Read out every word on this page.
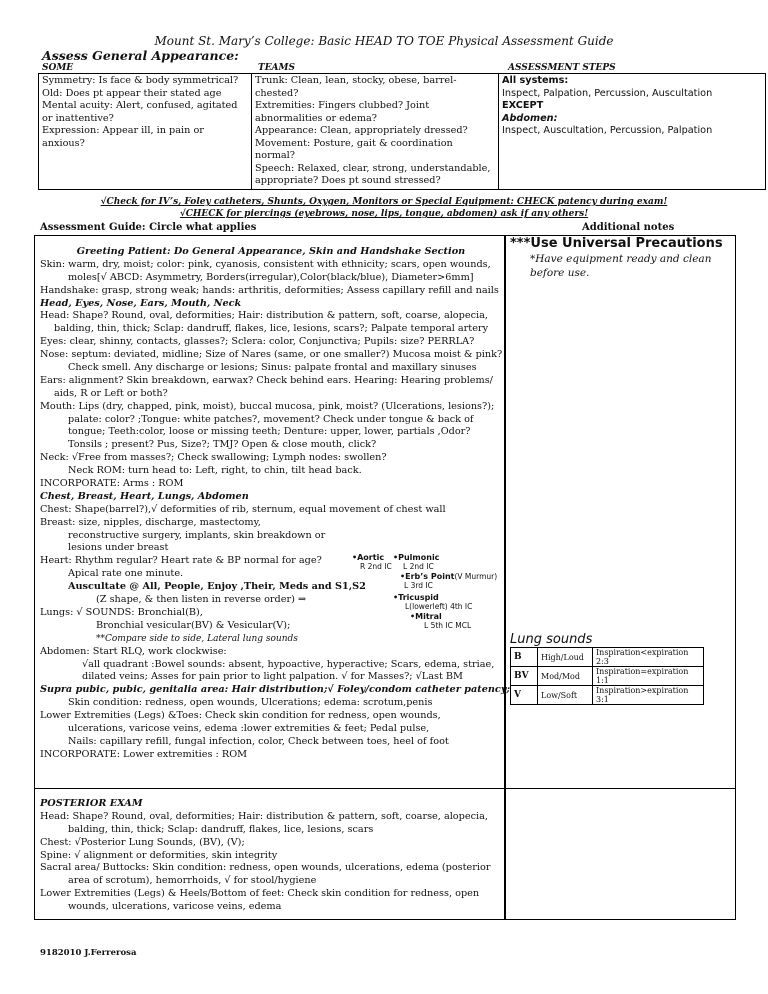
Mount St. Mary’s College: Basic HEAD TO TOE Physical Assessment Guide
Assess General Appearance:
SOME	TEAMS	ASSESSMENT STEPS
Symmetry: Is face & body symmetrical?
Old: Does pt appear their stated age
Mental acuity: Alert, confused, agitated
or inattentive?
Expression: Appear ill, in pain or
anxious?

Trunk: Clean, lean, stocky, obese, barrel-
chested?
Extremities: Fingers clubbed? Joint
abnormalities or edema?
Appearance: Clean, appropriately dressed?
Movement: Posture, gait & coordination
normal?
Speech: Relaxed, clear, strong, understandable,
appropriate? Does pt sound stressed?

All systems:
Inspect, Palpation, Percussion, Auscultation
EXCEPT
Abdomen:
Inspect, Auscultation, Percussion, Palpation
√Check for IV’s, Foley catheters, Shunts, Oxygen, Monitors or Special Equipment: CHECK patency during exam!
√CHECK for piercings (eyebrows, nose, lips, tongue, abdomen) ask if any others!
Assessment Guide: Circle what applies	Additional notes
Greeting Patient: Do General Appearance, Skin and Handshake Section
Skin: warm, dry, moist; color: pink, cyanosis, consistent with ethnicity; scars, open wounds,
moles[√ ABCD: Asymmetry, Borders(irregular),Color(black/blue), Diameter>6mm]
Handshake: grasp, strong weak; hands: arthritis, deformities; Assess capillary refill and nails
Head, Eyes, Nose, Ears, Mouth, Neck
Head: Shape? Round, oval, deformities; Hair: distribution & pattern, soft, coarse, alopecia,
balding, thin, thick; Sclap: dandruff, flakes, lice, lesions, scars?; Palpate temporal artery
Eyes: clear, shinny, contacts, glasses?; Sclera: color, Conjunctiva; Pupils: size? PERRLA?
Nose: septum: deviated, midline; Size of Nares (same, or one smaller?) Mucosa moist & pink?
Check smell. Any discharge or lesions; Sinus: palpate frontal and maxillary sinuses
Ears: alignment? Skin breakdown, earwax? Check behind ears. Hearing: Hearing problems/
aids, R or Left or both?
Mouth: Lips (dry, chapped, pink, moist), buccal mucosa, pink, moist? (Ulcerations, lesions?);
palate: color? ;Tongue: white patches?, movement? Check under tongue & back of
tongue; Teeth:color, loose or missing teeth; Denture: upper, lower, partials ,Odor?
Tonsils ; present? Pus, Size?; TMJ? Open & close mouth, click?
Neck: √Free from masses?; Check swallowing; Lymph nodes: swollen?
Neck ROM: turn head to: Left, right, to chin, tilt head back.
INCORPORATE: Arms : ROM
Chest, Breast, Heart, Lungs, Abdomen
Chest: Shape(barrel?),√ deformities of rib, sternum, equal movement of chest wall
Breast: size, nipples, discharge, mastectomy,
reconstructive surgery, implants, skin breakdown or
lesions under breast
Heart: Rhythm regular? Heart rate & BP normal for age?
Apical rate one minute.
Auscultate @ All, People, Enjoy ,Their, Meds and S1,S2
(Z shape, & then listen in reverse order) ⇒
Lungs: √ SOUNDS: Bronchial(B),
Bronchial vesicular(BV) & Vesicular(V);
**Compare side to side, Lateral lung sounds
Abdomen: Start RLQ, work clockwise:
√all quadrant :Bowel sounds: absent, hypoactive, hyperactive; Scars, edema, striae,
dilated veins; Asses for pain prior to light palpation. √ for Masses?; √Last BM
Supra pubic, pubic, genitalia area: Hair distribution;√ Foley/condom catheter patency;
Skin condition: redness, open wounds, Ulcerations; edema: scrotum,penis
Lower Extremities (Legs) &Toes: Check skin condition for redness, open wounds,
ulcerations, varicose veins, edema :lower extremities & feet; Pedal pulse,
Nails: capillary refill, fungal infection, color, Check between toes, heel of foot
INCORPORATE: Lower extremities : ROM
•Aortic
R 2nd IC
•Pulmonic
L 2nd IC
•Erb’s Point(V Murmur)
L 3rd IC
•Tricuspid
L(lowerleft) 4th IC
•Mitral
L 5th IC MCL
***Use Universal Precautions
*Have equipment ready and clean before use.
Lung sounds
B	High/Loud	Inspiration<expiration 2:3
BV	Mod/Mod	Inspiration=expiration 1:1
V	Low/Soft	Inspiration>expiration 3:1
POSTERIOR EXAM
Head: Shape? Round, oval, deformities; Hair: distribution & pattern, soft, coarse, alopecia,
balding, thin, thick; Sclap: dandruff, flakes, lice, lesions, scars
Chest: √Posterior Lung Sounds, (BV), (V);
Spine: √ alignment or deformities, skin integrity
Sacral area/ Buttocks: Skin condition: redness, open wounds, ulcerations, edema (posterior
area of scrotum), hemorrhoids, √ for stool/hygiene
Lower Extremities (Legs) & Heels/Bottom of feet: Check skin condition for redness, open
wounds, ulcerations, varicose veins, edema
9182010 J.Ferrerosa
